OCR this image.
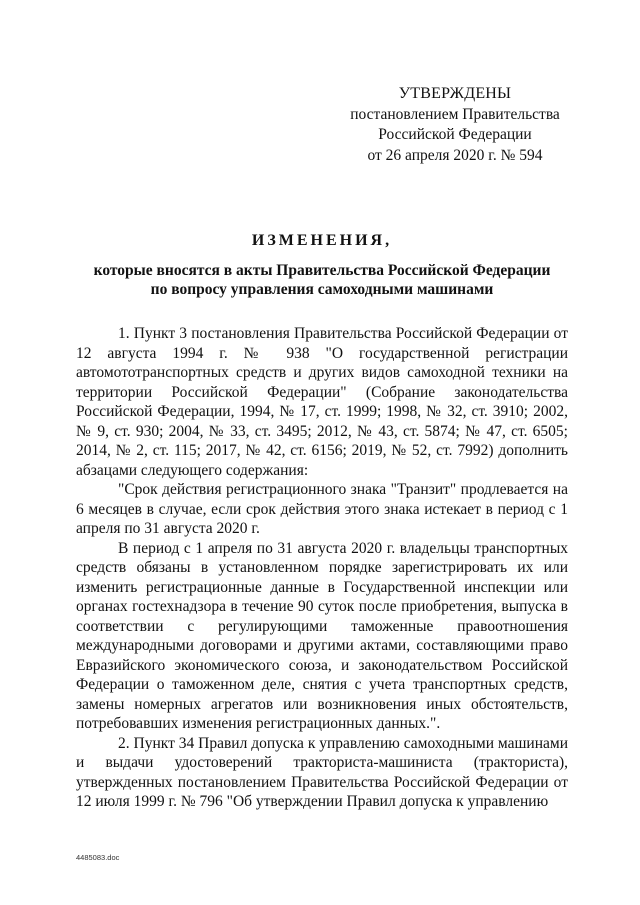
УТВЕРЖДЕНЫ
постановлением Правительства
Российской Федерации
от 26 апреля 2020 г. № 594
ИЗМЕНЕНИЯ,
которые вносятся в акты Правительства Российской Федерации
по вопросу управления самоходными машинами

1. Пункт 3 постановления Правительства Российской Федерации от 12 августа 1994 г. № 938 "О государственной регистрации автомототранспортных средств и других видов самоходной техники на территории Российской Федерации" (Собрание законодательства Российской Федерации, 1994, № 17, ст. 1999; 1998, № 32, ст. 3910; 2002, № 9, ст. 930; 2004, № 33, ст. 3495; 2012, № 43, ст. 5874; № 47, ст. 6505; 2014, № 2, ст. 115; 2017, № 42, ст. 6156; 2019, № 52, ст. 7992) дополнить абзацами следующего содержания:

"Срок действия регистрационного знака "Транзит" продлевается на 6 месяцев в случае, если срок действия этого знака истекает в период с 1 апреля по 31 августа 2020 г.

В период с 1 апреля по 31 августа 2020 г. владельцы транспортных средств обязаны в установленном порядке зарегистрировать их или изменить регистрационные данные в Государственной инспекции или органах гостехнадзора в течение 90 суток после приобретения, выпуска в соответствии с регулирующими таможенные правоотношения международными договорами и другими актами, составляющими право Евразийского экономического союза, и законодательством Российской Федерации о таможенном деле, снятия с учета транспортных средств, замены номерных агрегатов или возникновения иных обстоятельств, потребовавших изменения регистрационных данных.".

2. Пункт 34 Правил допуска к управлению самоходными машинами и выдачи удостоверений тракториста-машиниста (тракториста), утвержденных постановлением Правительства Российской Федерации от 12 июля 1999 г. № 796 "Об утверждении Правил допуска к управлению

4485083.doc
